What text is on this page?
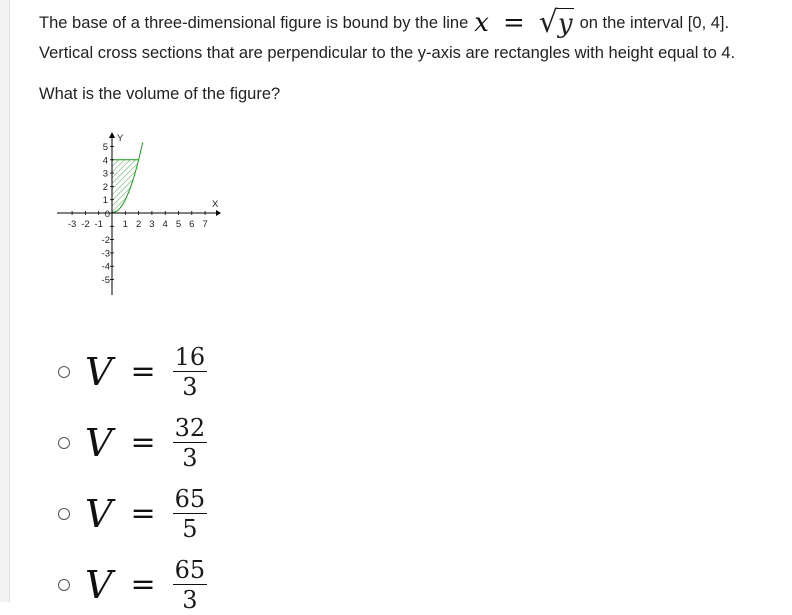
The base of a three-dimensional figure is bound by the line x = √ y on the interval [0, 4].
Vertical cross sections that are perpendicular to the y-axis are rectangles with height equal to 4.
What is the volume of the figure?
1 2 3 4 5 6 7
-3 -2 -1
5
4
3
2
1
-2
-3
-4
-5
0
X
Y
$V = \frac{16}{3}$
$V = \frac{32}{3}$
$V = \frac{65}{5}$
$V = \frac{65}{3}$
